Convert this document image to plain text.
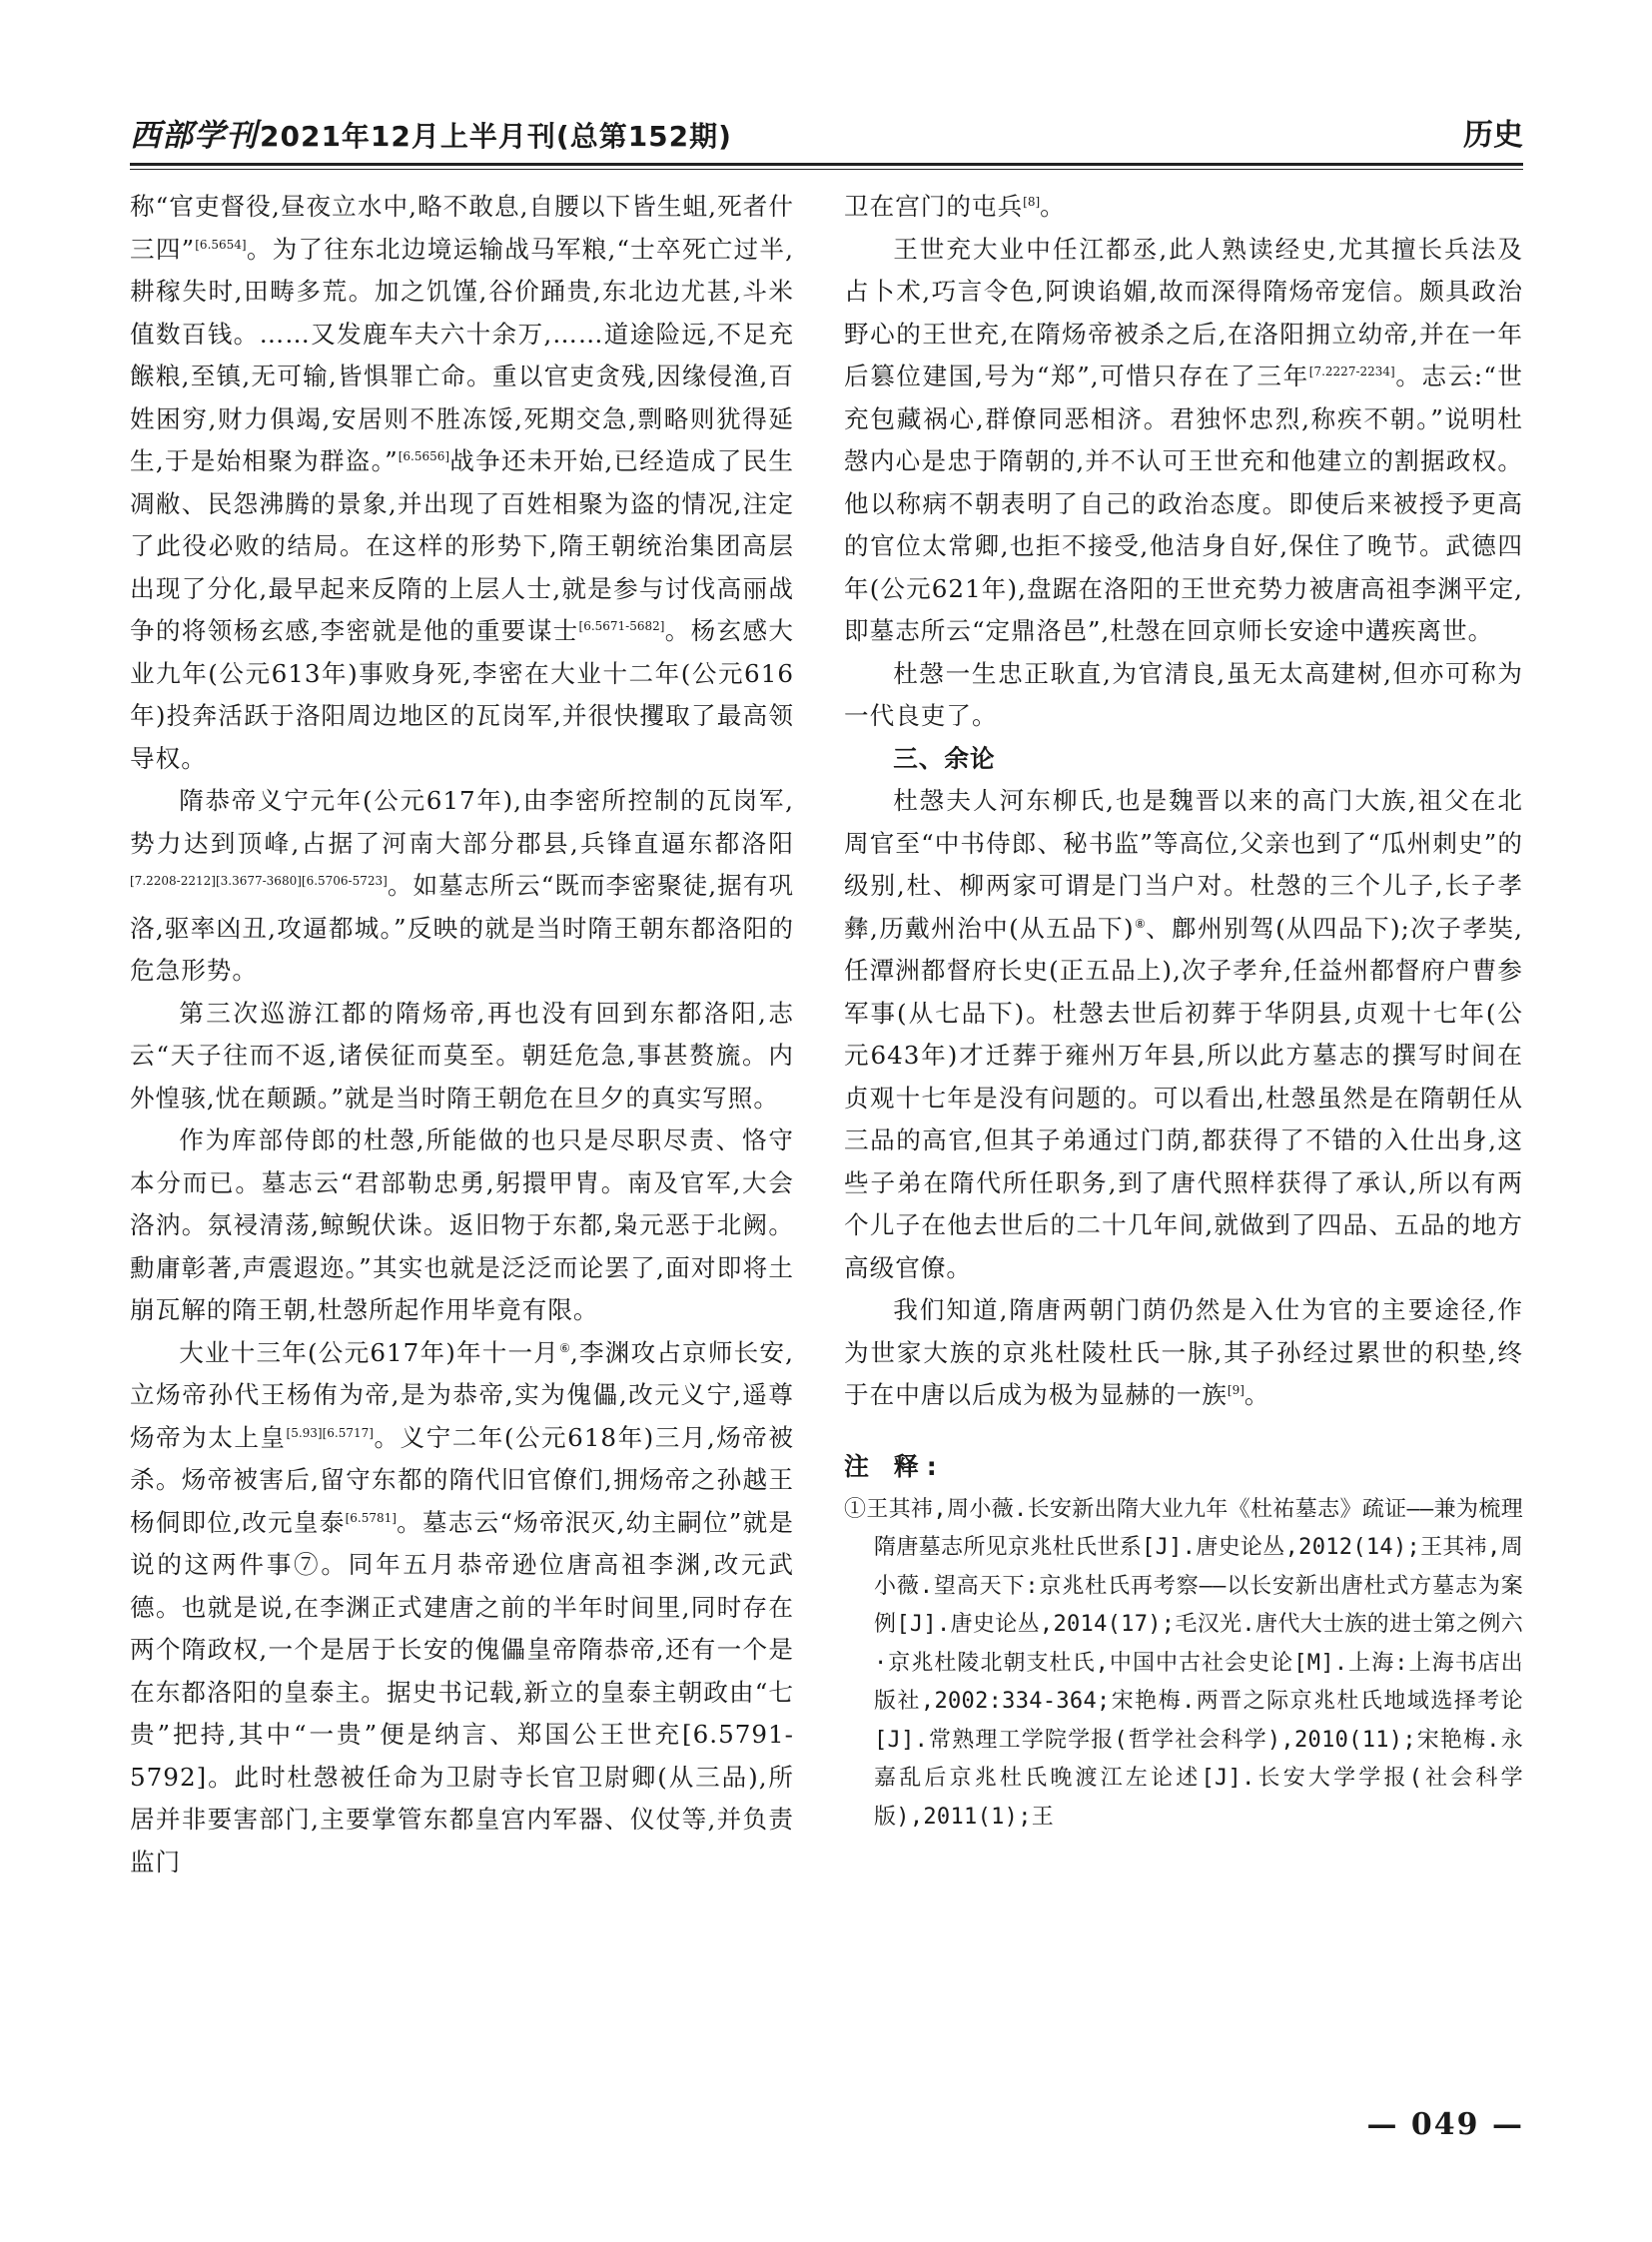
西部学刊2021年12月上半月刊(总第152期)	历史

称“官吏督役,昼夜立水中,略不敢息,自腰以下皆生蛆,死者什三四”[6.5654]。为了往东北边境运输战马军粮,“士卒死亡过半,耕稼失时,田畴多荒。加之饥馑,谷价踊贵,东北边尤甚,斗米值数百钱。……又发鹿车夫六十余万,……道途险远,不足充餱粮,至镇,无可输,皆惧罪亡命。重以官吏贪残,因缘侵渔,百姓困穷,财力俱竭,安居则不胜冻馁,死期交急,剽略则犹得延生,于是始相聚为群盗。”[6.5656]战争还未开始,已经造成了民生凋敝、民怨沸腾的景象,并出现了百姓相聚为盗的情况,注定了此役必败的结局。在这样的形势下,隋王朝统治集团高层出现了分化,最早起来反隋的上层人士,就是参与讨伐高丽战争的将领杨玄感,李密就是他的重要谋士[6.5671-5682]。杨玄感大业九年(公元613年)事败身死,李密在大业十二年(公元616年)投奔活跃于洛阳周边地区的瓦岗军,并很快攫取了最高领导权。

隋恭帝义宁元年(公元617年),由李密所控制的瓦岗军,势力达到顶峰,占据了河南大部分郡县,兵锋直逼东都洛阳[7.2208-2212][3.3677-3680][6.5706-5723]。如墓志所云“既而李密聚徒,据有巩洛,驱率凶丑,攻逼都城。”反映的就是当时隋王朝东都洛阳的危急形势。

第三次巡游江都的隋炀帝,再也没有回到东都洛阳,志云“天子往而不返,诸侯征而莫至。朝廷危急,事甚赘旒。内外惶骇,忧在颠踬。”就是当时隋王朝危在旦夕的真实写照。

作为库部侍郎的杜愨,所能做的也只是尽职尽责、恪守本分而已。墓志云“君部勒忠勇,躬擐甲胄。南及官军,大会洛汭。氛祲清荡,鲸鲵伏诛。返旧物于东都,枭元恶于北阙。勳庸彰著,声震遐迩。”其实也就是泛泛而论罢了,面对即将土崩瓦解的隋王朝,杜愨所起作用毕竟有限。

大业十三年(公元617年)年十一月⑥,李渊攻占京师长安,立炀帝孙代王杨侑为帝,是为恭帝,实为傀儡,改元义宁,遥尊炀帝为太上皇[5.93][6.5717]。义宁二年(公元618年)三月,炀帝被杀。炀帝被害后,留守东都的隋代旧官僚们,拥炀帝之孙越王杨侗即位,改元皇泰[6.5781]。墓志云“炀帝泯灭,幼主嗣位”就是说的这两件事⑦。同年五月恭帝逊位唐高祖李渊,改元武德。也就是说,在李渊正式建唐之前的半年时间里,同时存在两个隋政权,一个是居于长安的傀儡皇帝隋恭帝,还有一个是在东都洛阳的皇泰主。据史书记载,新立的皇泰主朝政由“七贵”把持,其中“一贵”便是纳言、郑国公王世充[6.5791-5792]。此时杜愨被任命为卫尉寺长官卫尉卿(从三品),所居并非要害部门,主要掌管东都皇宫内军器、仪仗等,并负责监门

卫在宫门的屯兵[8]。

王世充大业中任江都丞,此人熟读经史,尤其擅长兵法及占卜术,巧言令色,阿谀谄媚,故而深得隋炀帝宠信。颇具政治野心的王世充,在隋炀帝被杀之后,在洛阳拥立幼帝,并在一年后篡位建国,号为“郑”,可惜只存在了三年[7.2227-2234]。志云:“世充包藏祸心,群僚同恶相济。君独怀忠烈,称疾不朝。”说明杜愨内心是忠于隋朝的,并不认可王世充和他建立的割据政权。他以称病不朝表明了自己的政治态度。即使后来被授予更高的官位太常卿,也拒不接受,他洁身自好,保住了晚节。武德四年(公元621年),盘踞在洛阳的王世充势力被唐高祖李渊平定,即墓志所云“定鼎洛邑”,杜愨在回京师长安途中遘疾离世。

杜愨一生忠正耿直,为官清良,虽无太高建树,但亦可称为一代良吏了。

三、余论

杜愨夫人河东柳氏,也是魏晋以来的高门大族,祖父在北周官至“中书侍郎、秘书监”等高位,父亲也到了“瓜州刺史”的级别,杜、柳两家可谓是门当户对。杜愨的三个儿子,长子孝彝,历戴州治中(从五品下)⑧、鄜州别驾(从四品下);次子孝奘,任潭洲都督府长史(正五品上),次子孝弁,任益州都督府户曹参军事(从七品下)。杜愨去世后初葬于华阴县,贞观十七年(公元643年)才迁葬于雍州万年县,所以此方墓志的撰写时间在贞观十七年是没有问题的。可以看出,杜愨虽然是在隋朝任从三品的高官,但其子弟通过门荫,都获得了不错的入仕出身,这些子弟在隋代所任职务,到了唐代照样获得了承认,所以有两个儿子在他去世后的二十几年间,就做到了四品、五品的地方高级官僚。

我们知道,隋唐两朝门荫仍然是入仕为官的主要途径,作为世家大族的京兆杜陵杜氏一脉,其子孙经过累世的积垫,终于在中唐以后成为极为显赫的一族[9]。

注 释:
①王其祎,周小薇.长安新出隋大业九年《杜祐墓志》疏证——兼为梳理隋唐墓志所见京兆杜氏世系[J].唐史论丛,2012(14);王其祎,周小薇.望高天下:京兆杜氏再考察——以长安新出唐杜式方墓志为案例[J].唐史论丛,2014(17);毛汉光.唐代大士族的进士第之例六·京兆杜陵北朝支杜氏,中国中古社会史论[M].上海:上海书店出版社,2002:334-364;宋艳梅.两晋之际京兆杜氏地域选择考论[J].常熟理工学院学报(哲学社会科学),2010(11);宋艳梅.永嘉乱后京兆杜氏晚渡江左论述[J].长安大学学报(社会科学版),2011(1);王
— 049 —
